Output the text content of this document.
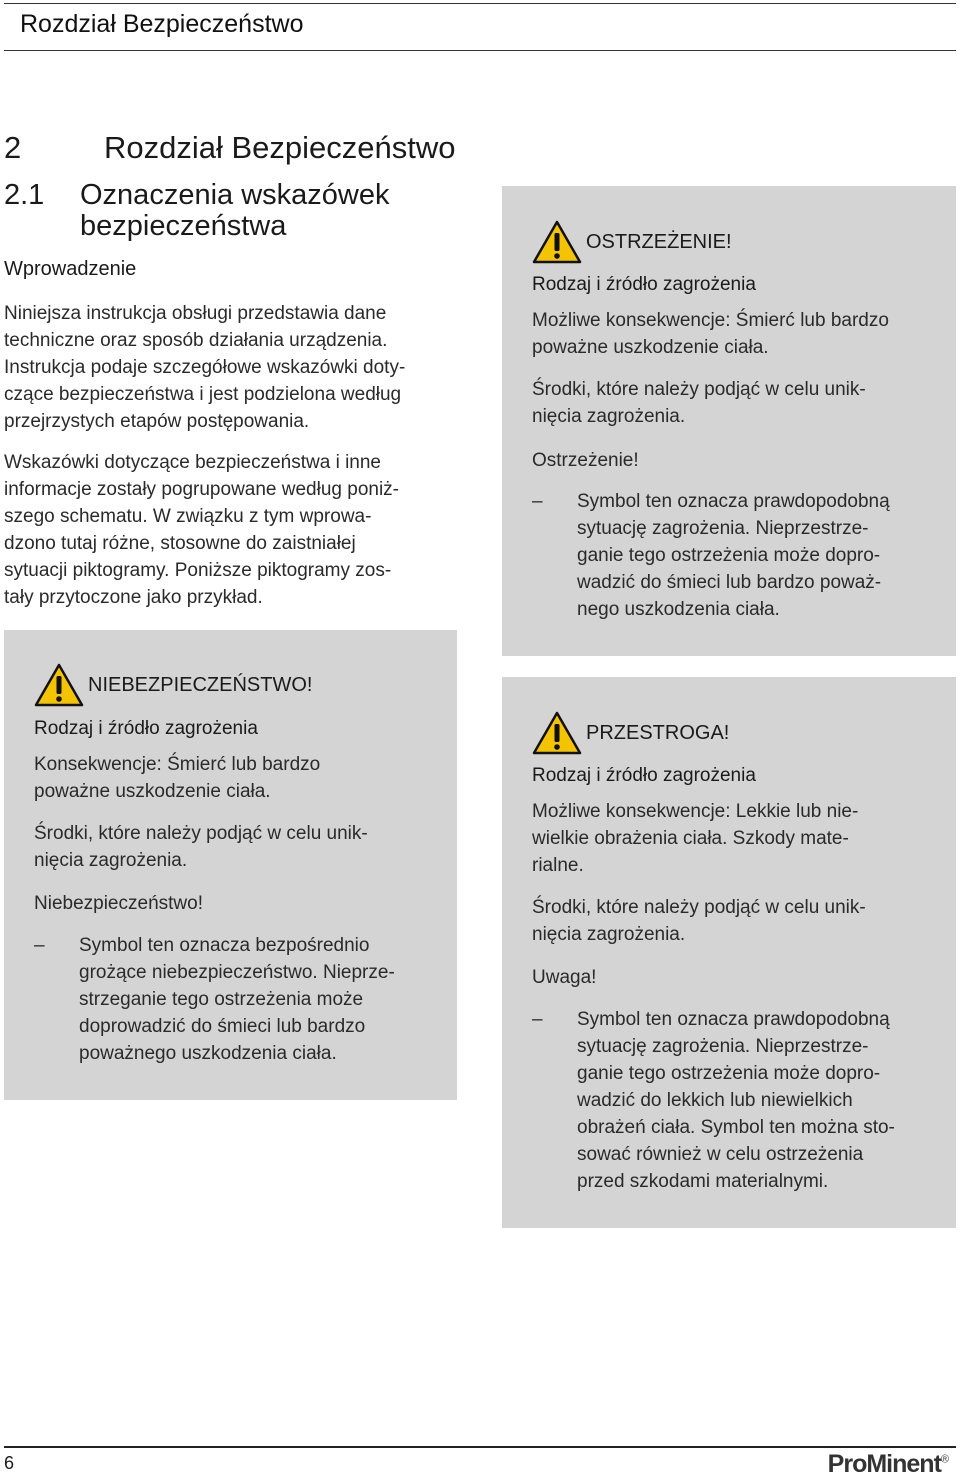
Rozdział Bezpieczeństwo
2	Rozdział Bezpieczeństwo
2.1 Oznaczenia wskazówek bezpieczeństwa
Wprowadzenie
Niniejsza instrukcja obsługi przedstawia dane
techniczne oraz sposób działania urządzenia.
Instrukcja podaje szczegółowe wskazówki doty-
czące bezpieczeństwa i jest podzielona według
przejrzystych etapów postępowania.
Wskazówki dotyczące bezpieczeństwa i inne
informacje zostały pogrupowane według poniż-
szego schematu. W związku z tym wprowa-
dzono tutaj różne, stosowne do zaistniałej
sytuacji piktogramy. Poniższe piktogramy zos-
tały przytoczone jako przykład.
OSTRZEŻENIE!
Rodzaj i źródło zagrożenia
Możliwe konsekwencje: Śmierć lub bardzo
poważne uszkodzenie ciała.
Środki, które należy podjąć w celu unik-
nięcia zagrożenia.
Ostrzeżenie!
– Symbol ten oznacza prawdopodobną
sytuację zagrożenia. Nieprzestrze-
ganie tego ostrzeżenia może dopro-
wadzić do śmieci lub bardzo poważ-
nego uszkodzenia ciała.
NIEBEZPIECZEŃSTWO!
Rodzaj i źródło zagrożenia
Konsekwencje: Śmierć lub bardzo
poważne uszkodzenie ciała.
Środki, które należy podjąć w celu unik-
nięcia zagrożenia.
Niebezpieczeństwo!
– Symbol ten oznacza bezpośrednio
grożące niebezpieczeństwo. Nieprze-
strzeganie tego ostrzeżenia może
doprowadzić do śmieci lub bardzo
poważnego uszkodzenia ciała.
PRZESTROGA!
Rodzaj i źródło zagrożenia
Możliwe konsekwencje: Lekkie lub nie-
wielkie obrażenia ciała. Szkody mate-
rialne.
Środki, które należy podjąć w celu unik-
nięcia zagrożenia.
Uwaga!
– Symbol ten oznacza prawdopodobną
sytuację zagrożenia. Nieprzestrze-
ganie tego ostrzeżenia może dopro-
wadzić do lekkich lub niewielkich
obrażeń ciała. Symbol ten można sto-
sować również w celu ostrzeżenia
przed szkodami materialnymi.
6	ProMinent®
